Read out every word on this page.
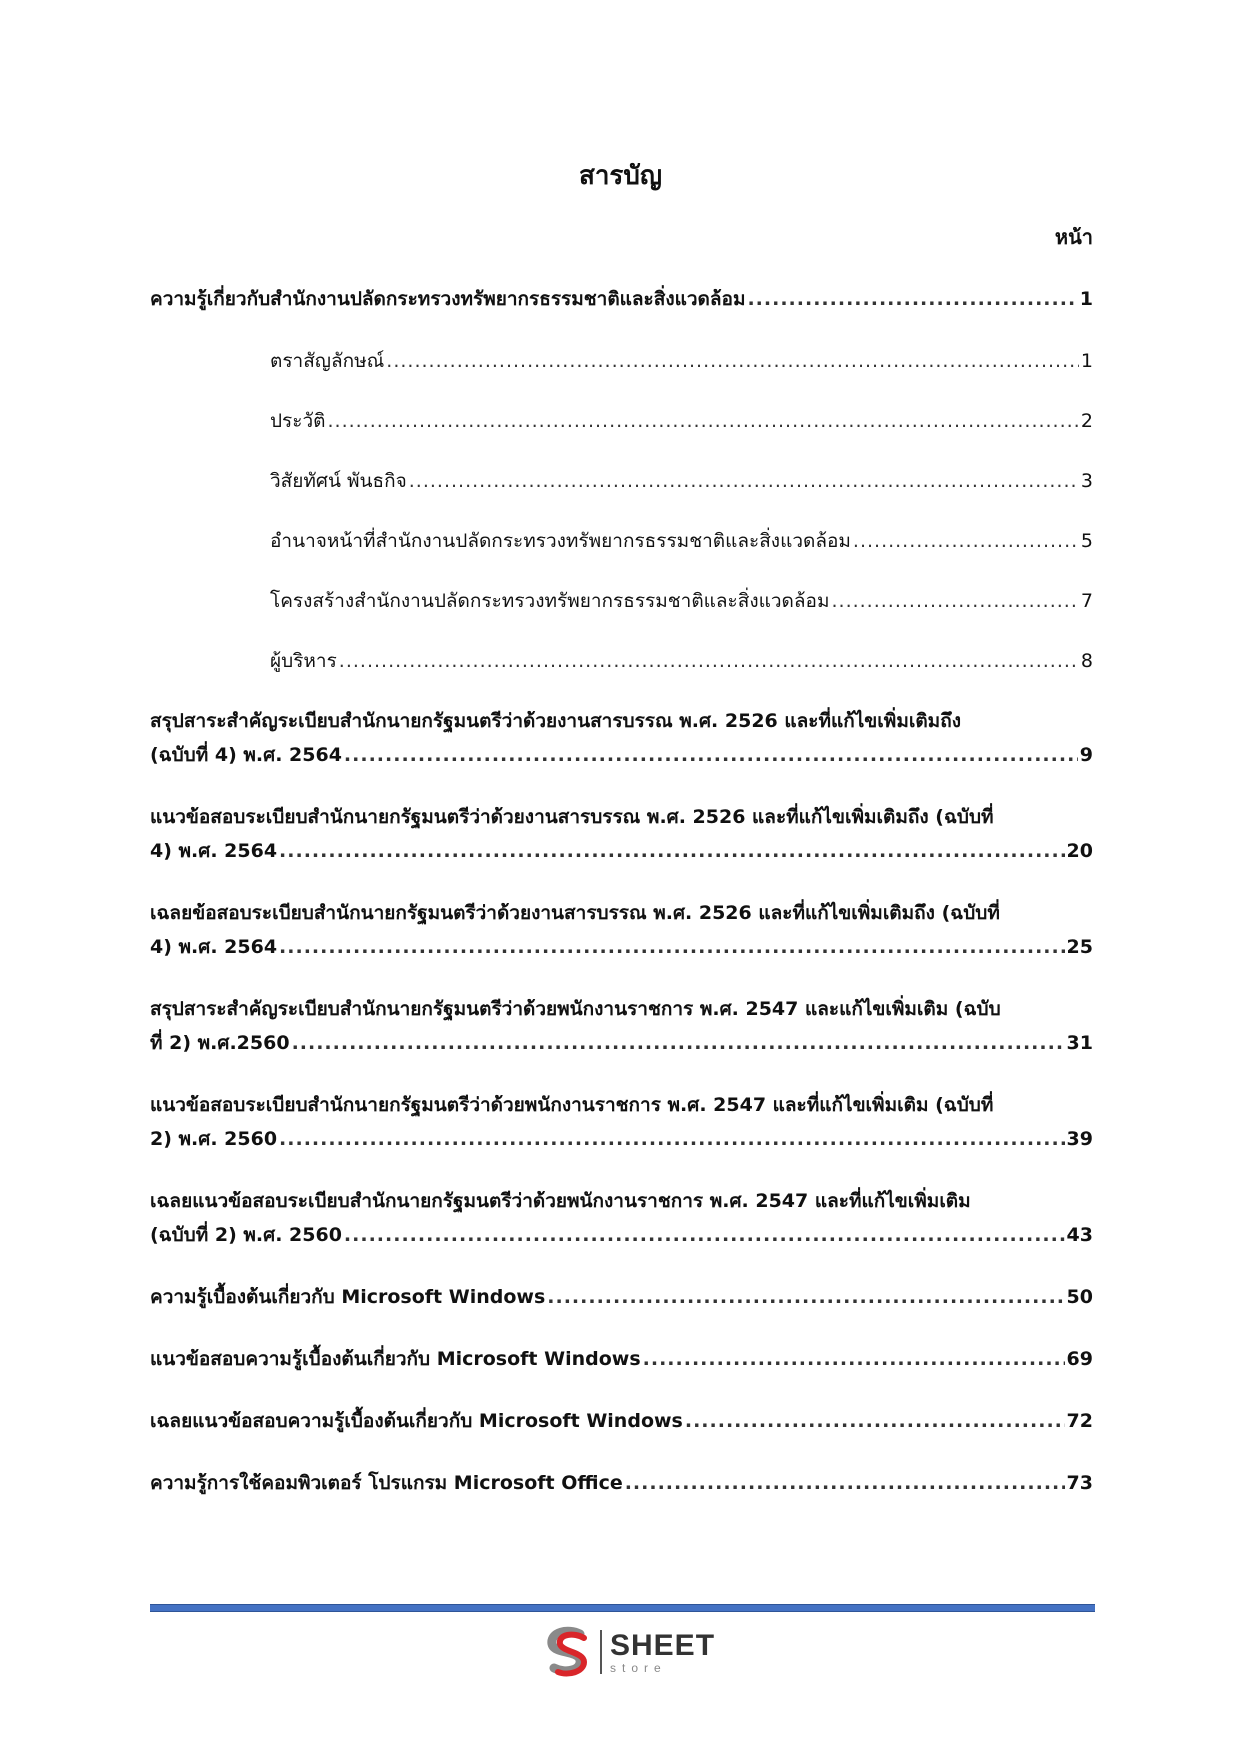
สารบัญ
หน้า
ความรู้เกี่ยวกับสำนักงานปลัดกระทรวงทรัพยากรธรรมชาติและสิ่งแวดล้อม .....	1
ตราสัญลักษณ์ .....	1
ประวัติ .....	2
วิสัยทัศน์ พันธกิจ .....	3
อำนาจหน้าที่สำนักงานปลัดกระทรวงทรัพยากรธรรมชาติและสิ่งแวดล้อม .....	5
โครงสร้างสำนักงานปลัดกระทรวงทรัพยากรธรรมชาติและสิ่งแวดล้อม .....	7
ผู้บริหาร .....	8
สรุปสาระสำคัญระเบียบสำนักนายกรัฐมนตรีว่าด้วยงานสารบรรณ พ.ศ. 2526 และที่แก้ไขเพิ่มเติมถึง
(ฉบับที่ 4) พ.ศ. 2564 .....	9
แนวข้อสอบระเบียบสำนักนายกรัฐมนตรีว่าด้วยงานสารบรรณ พ.ศ. 2526 และที่แก้ไขเพิ่มเติมถึง (ฉบับที่
4) พ.ศ. 2564 .....	20
เฉลยข้อสอบระเบียบสำนักนายกรัฐมนตรีว่าด้วยงานสารบรรณ พ.ศ. 2526 และที่แก้ไขเพิ่มเติมถึง (ฉบับที่
4) พ.ศ. 2564 .....	25
สรุปสาระสำคัญระเบียบสำนักนายกรัฐมนตรีว่าด้วยพนักงานราชการ พ.ศ. 2547 และแก้ไขเพิ่มเติม (ฉบับ
ที่ 2) พ.ศ.2560 .....	31
แนวข้อสอบระเบียบสำนักนายกรัฐมนตรีว่าด้วยพนักงานราชการ พ.ศ. 2547 และที่แก้ไขเพิ่มเติม (ฉบับที่
2) พ.ศ. 2560 .....	39
เฉลยแนวข้อสอบระเบียบสำนักนายกรัฐมนตรีว่าด้วยพนักงานราชการ พ.ศ. 2547 และที่แก้ไขเพิ่มเติม
(ฉบับที่ 2) พ.ศ. 2560 .....	43
ความรู้เบื้องต้นเกี่ยวกับ Microsoft Windows .....	50
แนวข้อสอบความรู้เบื้องต้นเกี่ยวกับ Microsoft Windows .....	69
เฉลยแนวข้อสอบความรู้เบื้องต้นเกี่ยวกับ Microsoft Windows .....	72
ความรู้การใช้คอมพิวเตอร์ โปรแกรม Microsoft Office .....	73
SHEET
store
